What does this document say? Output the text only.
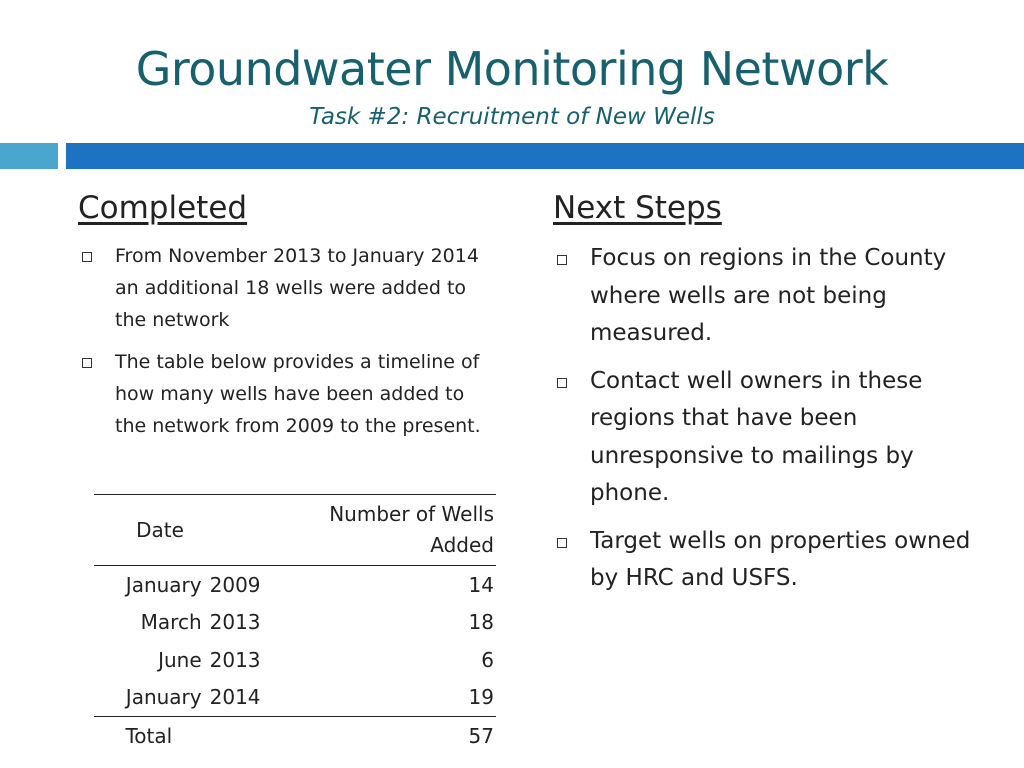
Groundwater Monitoring Network
Task #2: Recruitment of New Wells
Completed
From November 2013 to January 2014 an additional 18 wells were added to the network
The table below provides a timeline of how many wells have been added to the network from 2009 to the present.
Date		Number of Wells Added
January	2009	14
March	2013	18
June	2013	6
January	2014	19
Total		57
Next Steps
Focus on regions in the County where wells are not being measured.
Contact well owners in these regions that have been unresponsive to mailings by phone.
Target wells on properties owned by HRC and USFS.
